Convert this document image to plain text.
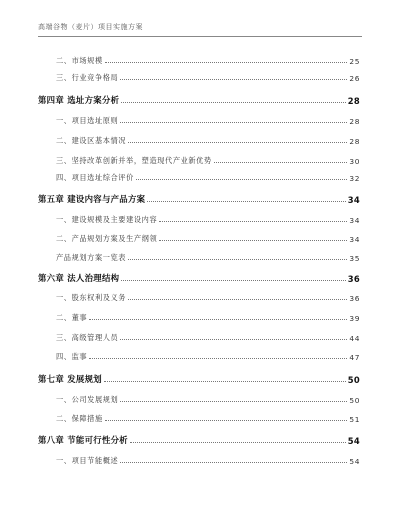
高端谷物（麦片）项目实施方案
二、市场规模	25
三、行业竞争格局	26
第四章 选址方案分析	28
一、项目选址原则	28
二、建设区基本情况	28
三、坚持改革创新并举，塑造现代产业新优势	30
四、项目选址综合评价	32
第五章 建设内容与产品方案	34
一、建设规模及主要建设内容	34
二、产品规划方案及生产纲领	34
产品规划方案一览表	35
第六章 法人治理结构	36
一、股东权利及义务	36
二、董事	39
三、高级管理人员	44
四、监事	47
第七章 发展规划	50
一、公司发展规划	50
二、保障措施	51
第八章 节能可行性分析	54
一、项目节能概述	54
